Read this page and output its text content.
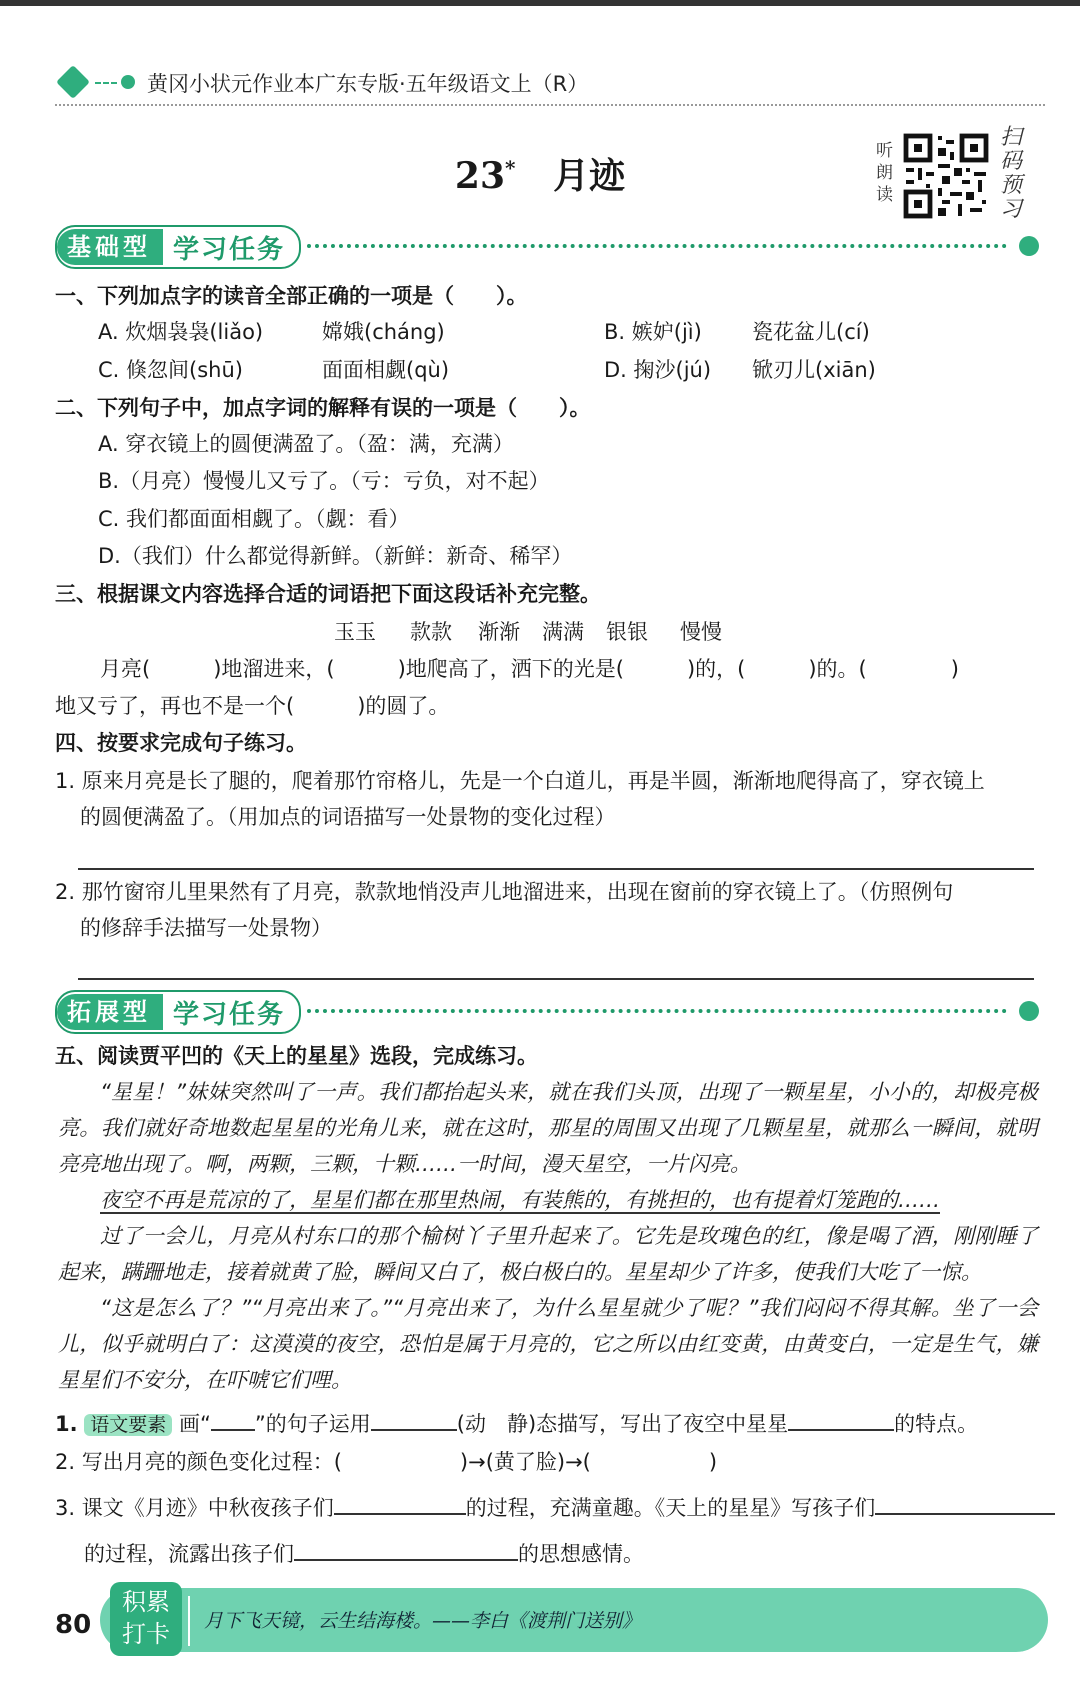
黄冈小状元作业本广东专版·五年级语文上（R）
23* 月迹
听朗读
扫码预习
基础型 学习任务
一、下列加点字的读音全部正确的一项是（　　）。
A. 炊烟袅袅(liǎo)	嫦娥(cháng)	B. 嫉妒(jì) 瓷花盆儿(cí)
C. 倏忽间(shū)	面面相觑(qù)	D. 掬沙(jú) 锨刃儿(xiān)
二、下列句子中，加点字词的解释有误的一项是（　　）。
A. 穿衣镜上的圆便满盈了。（盈：满，充满）
B.（月亮）慢慢儿又亏了。（亏：亏负，对不起）
C. 我们都面面相觑了。（觑：看）
D.（我们）什么都觉得新鲜。（新鲜：新奇、稀罕）
三、根据课文内容选择合适的词语把下面这段话补充完整。
玉玉 款款 渐渐 满满 银银 慢慢
月亮(　　　)地溜进来，(　　　)地爬高了，洒下的光是(　　　)的，(　　　)的。(　　　　)
地又亏了，再也不是一个(　　　)的圆了。
四、按要求完成句子练习。
1. 原来月亮是长了腿的，爬着那竹帘格儿，先是一个白道儿，再是半圆，渐渐地爬得高了，穿衣镜上
的圆便满盈了。（用加点的词语描写一处景物的变化过程）
2. 那竹窗帘儿里果然有了月亮，款款地悄没声儿地溜进来，出现在窗前的穿衣镜上了。（仿照例句
的修辞手法描写一处景物）
拓展型 学习任务
五、阅读贾平凹的《天上的星星》选段，完成练习。

“星星！”妹妹突然叫了一声。我们都抬起头来，就在我们头顶，出现了一颗星星，小小的，却极亮极亮。我们就好奇地数起星星的光角儿来，就在这时，那星的周围又出现了几颗星星，就那么一瞬间，就明亮亮地出现了。啊，两颗，三颗，十颗……一时间，漫天星空，一片闪亮。

夜空不再是荒凉的了，星星们都在那里热闹，有装熊的，有挑担的，也有提着灯笼跑的……

过了一会儿，月亮从村东口的那个榆树丫子里升起来了。它先是玫瑰色的红，像是喝了酒，刚刚睡了起来，蹒跚地走，接着就黄了脸，瞬间又白了，极白极白的。星星却少了许多，使我们大吃了一惊。

“这是怎么了？”“月亮出来了。”“月亮出来了，为什么星星就少了呢？”我们闷闷不得其解。坐了一会儿，似乎就明白了：这漠漠的夜空，恐怕是属于月亮的，它之所以由红变黄，由黄变白，一定是生气，嫌星星们不安分，在吓唬它们哩。

1. 语文要素 画“ ”的句子运用	(动　静)态描写，写出了夜空中星星	的特点。
2. 写出月亮的颜色变化过程：(	)→(黄了脸)→(	)
3. 课文《月迹》中秋夜孩子们	的过程，充满童趣。《天上的星星》写孩子们
的过程，流露出孩子们	的思想感情。
80
积累
打卡	月下飞天镜，云生结海楼。——李白《渡荆门送别》
